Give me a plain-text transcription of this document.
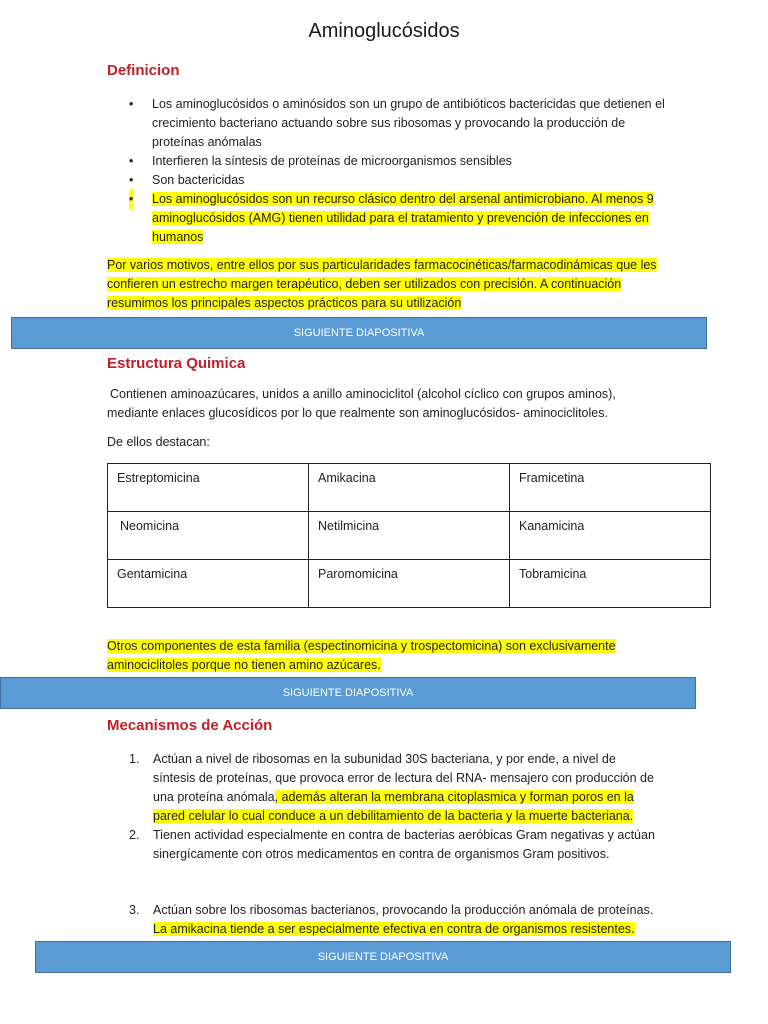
Aminoglucósidos
Definicion
• Los aminoglucósidos o aminósidos son un grupo de antibióticos bactericidas que detienen el crecimiento bacteriano actuando sobre sus ribosomas y provocando la producción de proteínas anómalas
• Interfieren la síntesis de proteínas de microorganismos sensibles
• Son bactericidas
• Los aminoglucósidos son un recurso clásico dentro del arsenal antimicrobiano. Al menos 9 aminoglucósidos (AMG) tienen utilidad para el tratamiento y prevención de infecciones en humanos
Por varios motivos, entre ellos por sus particularidades farmacocinéticas/farmacodinámicas que les confieren un estrecho margen terapéutico, deben ser utilizados con precisión. A continuación resumimos los principales aspectos prácticos para su utilización
SIGUIENTE DIAPOSITIVA
Estructura Quimica
Contienen aminoazúcares, unidos a anillo aminociclitol (alcohol cíclico con grupos aminos), mediante enlaces glucosídicos por lo que realmente son aminoglucósidos- aminociclitoles.
De ellos destacan:
Estreptomicina	Amikacina	Framicetina
Neomicina	Netilmicina	Kanamicina
Gentamicina	Paromomicina	Tobramicina
Otros componentes de esta familia (espectinomicina y trospectomicina) son exclusivamente aminociclitoles porque no tienen amino azúcares.
SIGUIENTE DIAPOSITIVA
Mecanismos de Acción
1. Actúan a nivel de ribosomas en la subunidad 30S bacteriana, y por ende, a nivel de síntesis de proteínas, que provoca error de lectura del RNA- mensajero con producción de una proteína anómala, además alteran la membrana citoplasmica y forman poros en la pared celular lo cual conduce a un debilitamiento de la bacteria y la muerte bacteriana.
2. Tienen actividad especialmente en contra de bacterias aeróbicas Gram negativas y actúan sinergícamente con otros medicamentos en contra de organismos Gram positivos.
3. Actúan sobre los ribosomas bacterianos, provocando la producción anómala de proteínas. La amikacina tiende a ser especialmente efectiva en contra de organismos resistentes.
SIGUIENTE DIAPOSITIVA
